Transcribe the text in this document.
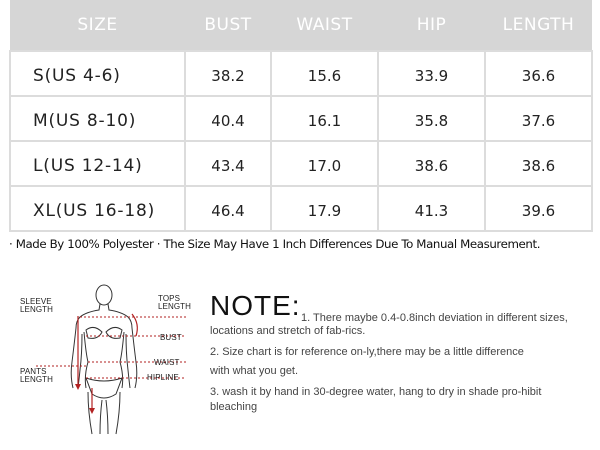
SIZE	BUST	WAIST	HIP	LENGTH
S(US 4-6)	38.2	15.6	33.9	36.6
M(US 8-10)	40.4	16.1	35.8	37.6
L(US 12-14)	43.4	17.0	38.6	38.6
XL(US 16-18)	46.4	17.9	41.3	39.6
· Made By 100% Polyester · The Size May Have 1 Inch Differences Due To Manual Measurement.
SLEEVE
LENGTH
TOPS
LENGTH
BUST
WAIST
HIPLINE
PANTS
LENGTH
NOTE: 1. There maybe 0.4-0.8inch deviation in different sizes,
locations and stretch of fab-rics.
2. Size chart is for reference on-ly,there may be a little difference
with what you get.
3. wash it by hand in 30-degree water, hang to dry in shade pro-hibit
bleaching
